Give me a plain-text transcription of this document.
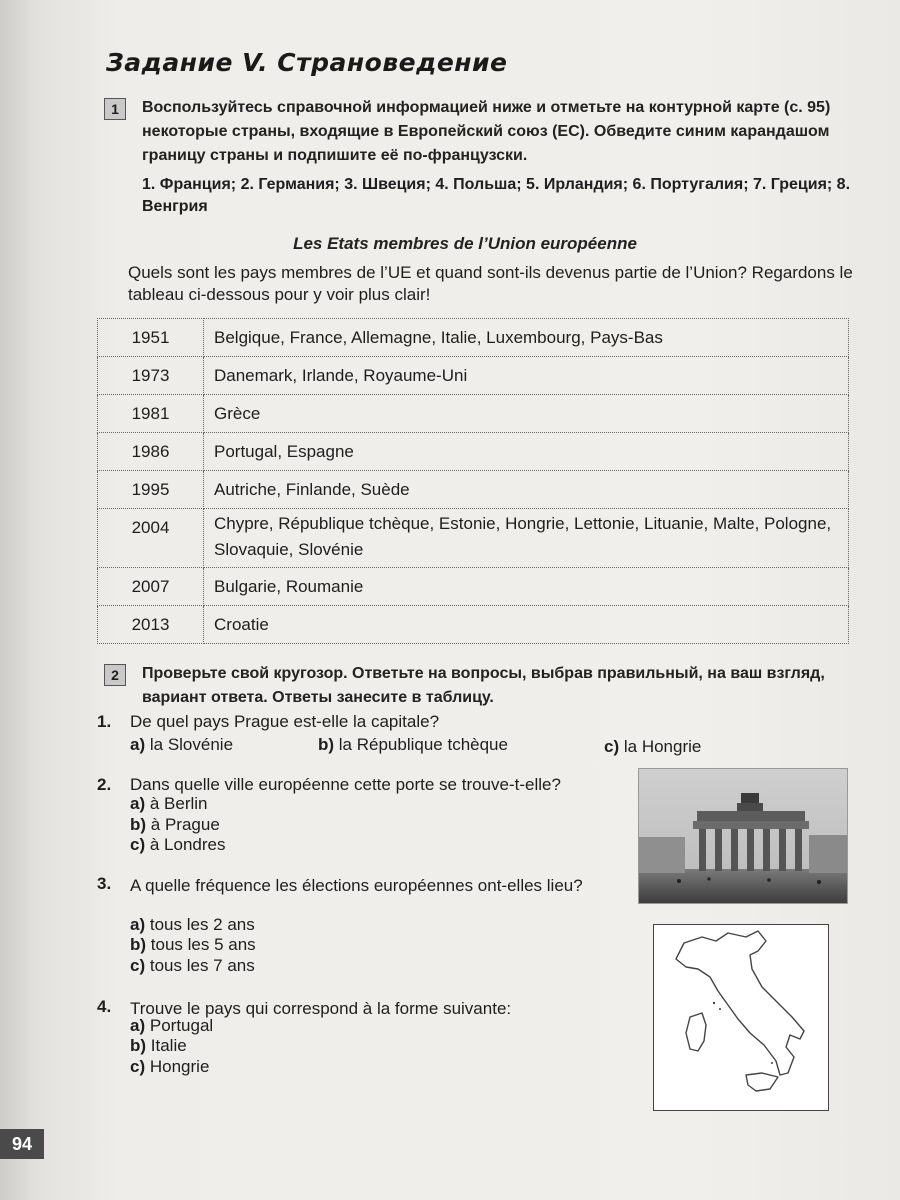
Задание V. Страноведение
1	Воспользуйтесь справочной информацией ниже и отметьте на контурной карте (с. 95) некоторые страны, входящие в Европейский союз (ЕС). Обведите синим карандашом границу страны и подпишите её по-французски.
1. Франция; 2. Германия; 3. Швеция; 4. Польша; 5. Ирландия; 6. Португалия; 7. Греция; 8. Венгрия
Les Etats membres de l’Union européenne
Quels sont les pays membres de l’UE et quand sont-ils devenus partie de l’Union? Regardons le tableau ci-dessous pour y voir plus clair!
1951	Belgique, France, Allemagne, Italie, Luxembourg, Pays-Bas
1973	Danemark, Irlande, Royaume-Uni
1981	Grèce
1986	Portugal, Espagne
1995	Autriche, Finlande, Suède
2004	Chypre, République tchèque, Estonie, Hongrie, Lettonie, Lituanie, Malte, Pologne, Slovaquie, Slovénie
2007	Bulgarie, Roumanie
2013	Croatie
2	Проверьте свой кругозор. Ответьте на вопросы, выбрав правильный, на ваш взгляд, вариант ответа. Ответы занесите в таблицу.
1. De quel pays Prague est-elle la capitale?
a) la Slovénie	b) la République tchèque	c) la Hongrie
2. Dans quelle ville européenne cette porte se trouve-t-elle?
a) à Berlin
b) à Prague
c) à Londres
3. A quelle fréquence les élections européennes ont-elles lieu?
a) tous les 2 ans
b) tous les 5 ans
c) tous les 7 ans
4. Trouve le pays qui correspond à la forme suivante:
a) Portugal
b) Italie
c) Hongrie
94
